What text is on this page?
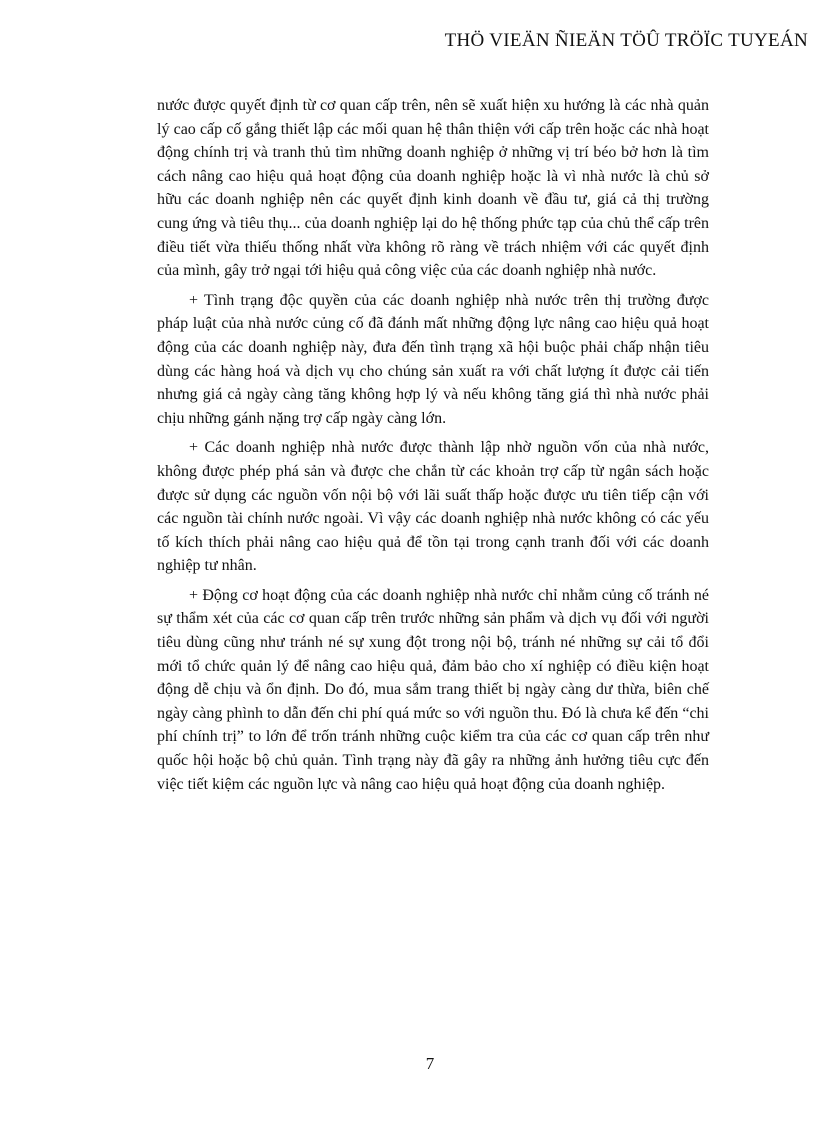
THÖ VIEÄN ÑIEÄN TÖÛ TRÖÏC TUYEÁN

nước được quyết định từ cơ quan cấp trên, nên sẽ xuất hiện xu hướng là các nhà quản lý cao cấp cố gắng thiết lập các mối quan hệ thân thiện với cấp trên hoặc các nhà hoạt động chính trị và tranh thủ tìm những doanh nghiệp ở những vị trí béo bở hơn là tìm cách nâng cao hiệu quả hoạt động của doanh nghiệp hoặc là vì nhà nước là chủ sở hữu các doanh nghiệp nên các quyết định kinh doanh về đầu tư, giá cả thị trường cung ứng và tiêu thụ... của doanh nghiệp lại do hệ thống phức tạp của chủ thể cấp trên điều tiết vừa thiếu thống nhất vừa không rõ ràng về trách nhiệm với các quyết định của mình, gây trở ngại tới hiệu quả công việc của các doanh nghiệp nhà nước.

+ Tình trạng độc quyền của các doanh nghiệp nhà nước trên thị trường được pháp luật của nhà nước củng cố đã đánh mất những động lực nâng cao hiệu quả hoạt động của các doanh nghiệp này, đưa đến tình trạng xã hội buộc phải chấp nhận tiêu dùng các hàng hoá và dịch vụ cho chúng sản xuất ra với chất lượng ít được cải tiến nhưng giá cả ngày càng tăng không hợp lý và nếu không tăng giá thì nhà nước phải chịu những gánh nặng trợ cấp ngày càng lớn.

+ Các doanh nghiệp nhà nước được thành lập nhờ nguồn vốn của nhà nước, không được phép phá sản và được che chắn từ các khoản trợ cấp từ ngân sách hoặc được sử dụng các nguồn vốn nội bộ với lãi suất thấp hoặc được ưu tiên tiếp cận với các nguồn tài chính nước ngoài. Vì vậy các doanh nghiệp nhà nước không có các yếu tố kích thích phải nâng cao hiệu quả để tồn tại trong cạnh tranh đối với các doanh nghiệp tư nhân.

+ Động cơ hoạt động của các doanh nghiệp nhà nước chỉ nhằm củng cố tránh né sự thẩm xét của các cơ quan cấp trên trước những sản phẩm và dịch vụ đối với người tiêu dùng cũng như tránh né sự xung đột trong nội bộ, tránh né những sự cải tổ đổi mới tổ chức quản lý để nâng cao hiệu quả, đảm bảo cho xí nghiệp có điều kiện hoạt động dễ chịu và ổn định. Do đó, mua sắm trang thiết bị ngày càng dư thừa, biên chế ngày càng phình to dẫn đến chi phí quá mức so với nguồn thu. Đó là chưa kể đến “chi phí chính trị” to lớn để trốn tránh những cuộc kiểm tra của các cơ quan cấp trên như quốc hội hoặc bộ chủ quản. Tình trạng này đã gây ra những ảnh hưởng tiêu cực đến việc tiết kiệm các nguồn lực và nâng cao hiệu quả hoạt động của doanh nghiệp.

7
